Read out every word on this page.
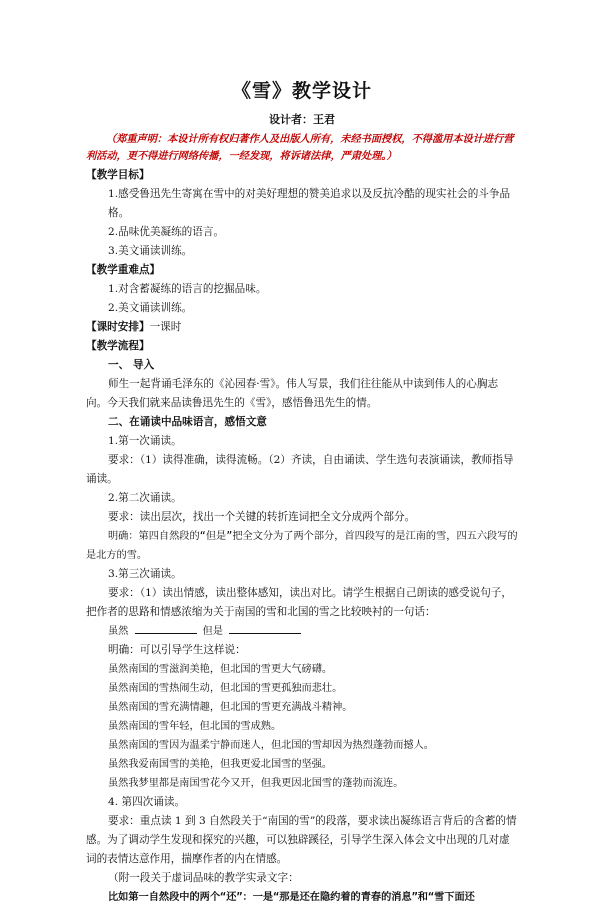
《雪》教学设计
设计者：王君
（郑重声明：本设计所有权归著作人及出版人所有，未经书面授权，不得滥用本设计进行营利活动，更不得进行网络传播，一经发现，将诉诸法律，严肃处理。）
【教学目标】
1.感受鲁迅先生寄寓在雪中的对美好理想的赞美追求以及反抗冷酷的现实社会的斗争品格。
2.品味优美凝练的语言。
3.美文诵读训练。
【教学重难点】
1.对含蓄凝练的语言的挖掘品味。
2.美文诵读训练。
【课时安排】一课时
【教学流程】
一、 导入
师生一起背诵毛泽东的《沁园春·雪》。伟人写景，我们往往能从中读到伟人的心胸志向。今天我们就来品读鲁迅先生的《雪》，感悟鲁迅先生的情。
二、在诵读中品味语言，感悟文意
1.第一次诵读。
要求：（1）读得准确，读得流畅。（2）齐读，自由诵读、学生选句表演诵读，教师指导诵读。
2.第二次诵读。
要求：读出层次，找出一个关键的转折连词把全文分成两个部分。
明确：第四自然段的“但是”把全文分为了两个部分，首四段写的是江南的雪，四五六段写的是北方的雪。
3.第三次诵读。
要求：（1）读出情感，读出整体感知，读出对比。请学生根据自己朗读的感受说句子，把作者的思路和情感浓缩为关于南国的雪和北国的雪之比较映衬的一句话：
虽然	但是
明确：可以引导学生这样说：
虽然南国的雪滋润美艳，但北国的雪更大气磅礴。
虽然南国的雪热闹生动，但北国的雪更孤独而悲壮。
虽然南国的雪充满情趣，但北国的雪更充满战斗精神。
虽然南国的雪年轻，但北国的雪成熟。
虽然南国的雪因为温柔宁静而迷人，但北国的雪却因为热烈蓬勃而撼人。
虽然我爱南国雪的美艳，但我更爱北国雪的坚强。
虽然我梦里都是南国雪花今又开，但我更因北国雪的蓬勃而流连。
4. 第四次诵读。
要求：重点读 1 到 3 自然段关于“南国的雪”的段落，要求读出凝练语言背后的含蓄的情感。为了调动学生发现和探究的兴趣，可以独辟蹊径，引导学生深入体会文中出现的几对虚词的表情达意作用，揣摩作者的内在情感。
（附一段关于虚词品味的教学实录文字：
比如第一自然段中的两个“还”：一是“那是还在隐约着的青春的消息”和“雪下面还
